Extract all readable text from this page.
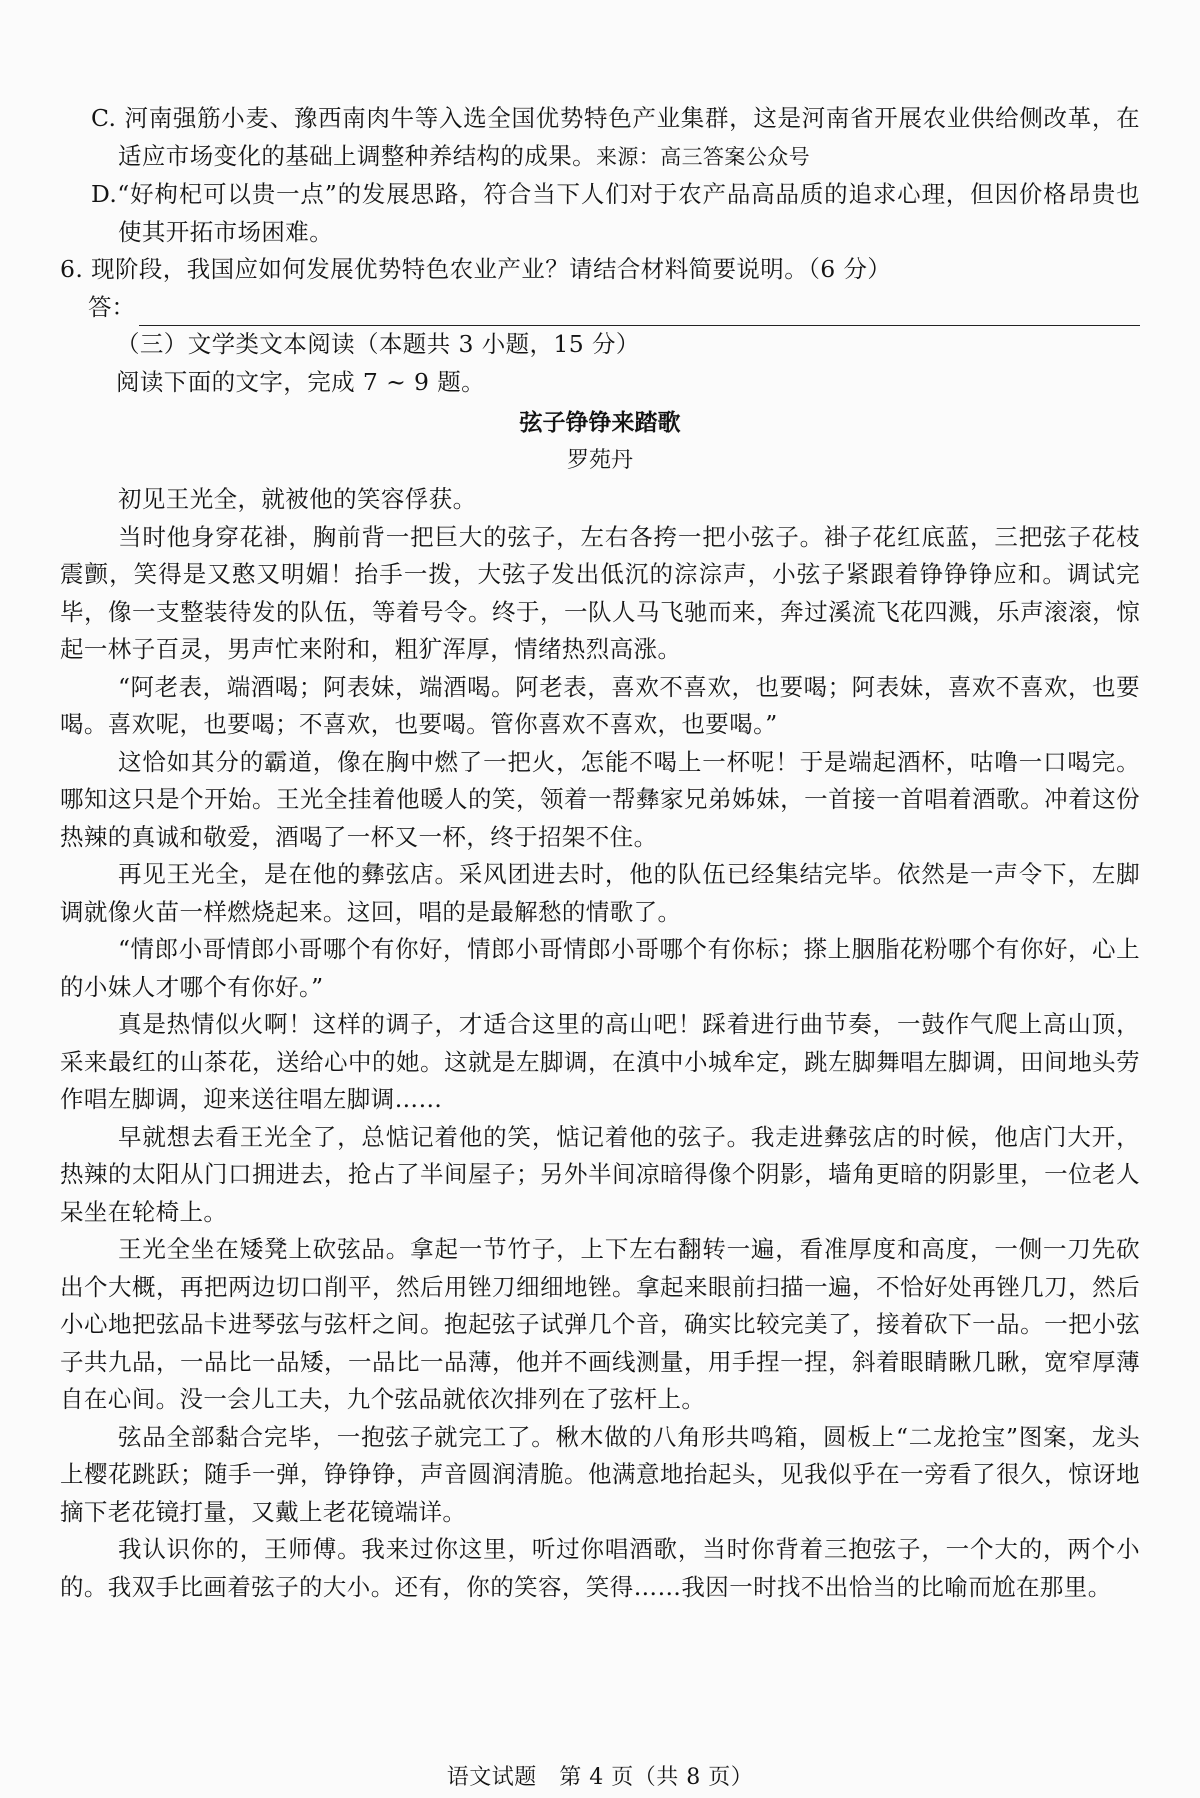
C. 河南强筋小麦、豫西南肉牛等入选全国优势特色产业集群，这是河南省开展农业供给侧改革，在适应市场变化的基础上调整种养结构的成果。来源：高三答案公众号

D.“好枸杞可以贵一点”的发展思路，符合当下人们对于农产品高品质的追求心理，但因价格昂贵也使其开拓市场困难。

6. 现阶段，我国应如何发展优势特色农业产业？请结合材料简要说明。（6 分）

答：

（三）文学类文本阅读（本题共 3 小题，15 分）

阅读下面的文字，完成 7 ~ 9 题。

弦子铮铮来踏歌

罗苑丹

初见王光全，就被他的笑容俘获。

当时他身穿花褂，胸前背一把巨大的弦子，左右各挎一把小弦子。褂子花红底蓝，三把弦子花枝震颤，笑得是又憨又明媚！抬手一拨，大弦子发出低沉的淙淙声，小弦子紧跟着铮铮铮应和。调试完毕，像一支整装待发的队伍，等着号令。终于，一队人马飞驰而来，奔过溪流飞花四溅，乐声滚滚，惊起一林子百灵，男声忙来附和，粗犷浑厚，情绪热烈高涨。

“阿老表，端酒喝；阿表妹，端酒喝。阿老表，喜欢不喜欢，也要喝；阿表妹，喜欢不喜欢，也要喝。喜欢呢，也要喝；不喜欢，也要喝。管你喜欢不喜欢，也要喝。”

这恰如其分的霸道，像在胸中燃了一把火，怎能不喝上一杯呢！于是端起酒杯，咕噜一口喝完。哪知这只是个开始。王光全挂着他暖人的笑，领着一帮彝家兄弟姊妹，一首接一首唱着酒歌。冲着这份热辣的真诚和敬爱，酒喝了一杯又一杯，终于招架不住。

再见王光全，是在他的彝弦店。采风团进去时，他的队伍已经集结完毕。依然是一声令下，左脚调就像火苗一样燃烧起来。这回，唱的是最解愁的情歌了。

“情郎小哥情郎小哥哪个有你好，情郎小哥情郎小哥哪个有你标；搽上胭脂花粉哪个有你好，心上的小妹人才哪个有你好。”

真是热情似火啊！这样的调子，才适合这里的高山吧！踩着进行曲节奏，一鼓作气爬上高山顶，采来最红的山茶花，送给心中的她。这就是左脚调，在滇中小城牟定，跳左脚舞唱左脚调，田间地头劳作唱左脚调，迎来送往唱左脚调……

早就想去看王光全了，总惦记着他的笑，惦记着他的弦子。我走进彝弦店的时候，他店门大开，热辣的太阳从门口拥进去，抢占了半间屋子；另外半间凉暗得像个阴影，墙角更暗的阴影里，一位老人呆坐在轮椅上。

王光全坐在矮凳上砍弦品。拿起一节竹子，上下左右翻转一遍，看准厚度和高度，一侧一刀先砍出个大概，再把两边切口削平，然后用锉刀细细地锉。拿起来眼前扫描一遍，不恰好处再锉几刀，然后小心地把弦品卡进琴弦与弦杆之间。抱起弦子试弹几个音，确实比较完美了，接着砍下一品。一把小弦子共九品，一品比一品矮，一品比一品薄，他并不画线测量，用手捏一捏，斜着眼睛瞅几瞅，宽窄厚薄自在心间。没一会儿工夫，九个弦品就依次排列在了弦杆上。

弦品全部黏合完毕，一抱弦子就完工了。楸木做的八角形共鸣箱，圆板上“二龙抢宝”图案，龙头上樱花跳跃；随手一弹，铮铮铮，声音圆润清脆。他满意地抬起头，见我似乎在一旁看了很久，惊讶地摘下老花镜打量，又戴上老花镜端详。

我认识你的，王师傅。我来过你这里，听过你唱酒歌，当时你背着三抱弦子，一个大的，两个小的。我双手比画着弦子的大小。还有，你的笑容，笑得……我因一时找不出恰当的比喻而尬在那里。

语文试题　第 4 页（共 8 页）
